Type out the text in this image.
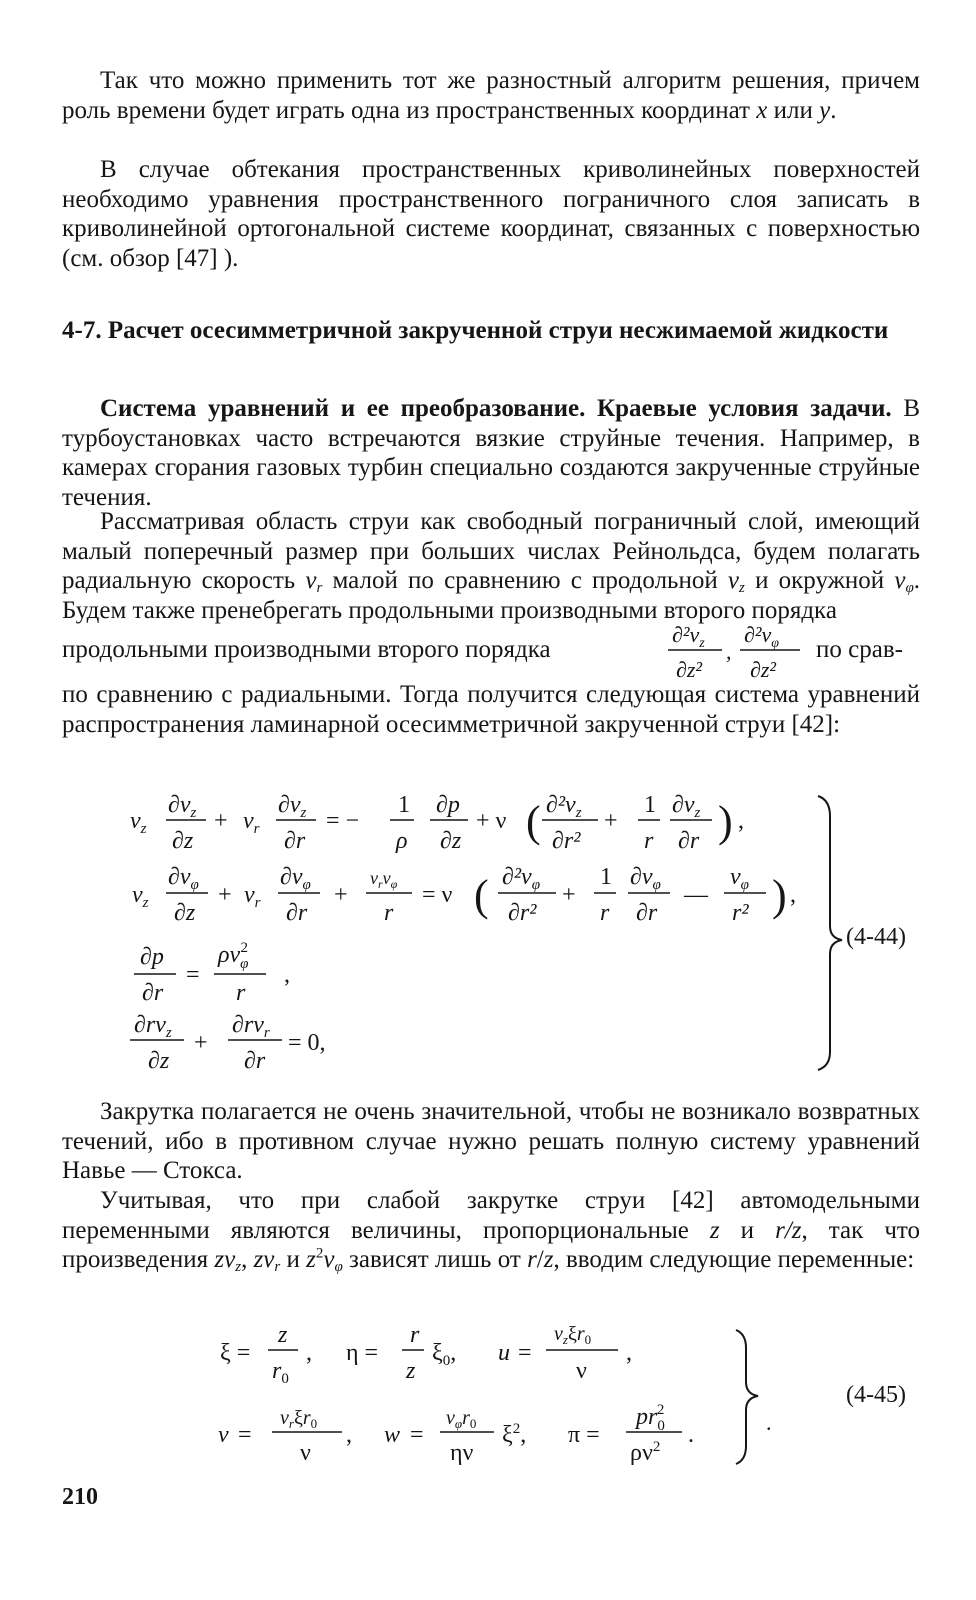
Так что можно применить тот же разностный алгоритм решения, причем роль времени будет играть одна из пространственных координат x или y.

В случае обтекания пространственных криволинейных поверхностей необходимо уравнения пространственного пограничного слоя записать в криволинейной ортогональной системе координат, связанных с поверхностью (см. обзор [47] ).

4-7. Расчет осесимметричной закрученной струи несжимаемой жидкости

Система уравнений и ее преобразование. Краевые условия задачи. В турбоустановках часто встречаются вязкие струйные течения. Например, в камерах сгорания газовых турбин специально создаются закрученные струйные течения.

Рассматривая область струи как свободный пограничный слой, имеющий малый поперечный размер при больших числах Рейнольдса, будем полагать радиальную скорость $v_r$ малой по сравнению с продольной $v_z$ и окружной $v_\varphi$. Будем также пренебрегать продольными производными второго порядка

$\partial^2v_z$
∂z²
,
$\partial^2v_\varphi$
∂z²

по сравнению с радиальными. Тогда получится следующая система уравнений распространения ламинарной осесимметричной закрученной струи [42]:

по срав-
продольными производными второго порядка
$v_z$
$\partial v_z$
∂z
+ $v_r$
$\partial v_z$
∂r
= −
1
ρ
∂p
∂z
+ ν ( $\partial^2v_z$
∂r²
+
1
r
$\partial v_z$
∂r ) ,
$v_z$
$\partial v_\varphi$
∂z
+ $v_r$
$\partial v_\varphi$
∂r
+
$v_rv_\varphi$
r
= ν ( $\partial^2v_\varphi$
∂r²
+
1
r
$\partial v_\varphi$
∂r
—
$v_\varphi$
r² ) ,
∂p
∂r
=
$\rho v_\varphi 2$
r
,
$\partial rv_z$
∂z
+
$\partial rv_r$
∂r
= 0,
(4-44)

Закрутка полагается не очень значительной, чтобы не возникало возвратных течений, ибо в противном случае нужно решать полную систему уравнений Навье — Стокса.

Учитывая, что при слабой закрутке струи [42] автомодельными переменными являются величины, пропорциональные z и r/z, так что произведения $zv_z$, $zv_r$ и $z^2v_\varphi$ зависят лишь от r/z, вводим следующие переменные:

ξ =
z
$r_0$
, η =
r
z
$\xi_0$, u =
$v_z\xi r_0$
ν
,
v =
$v_r\xi r_0$
ν
, w =
$v_\varphi r_0$
ην
$\xi^2$, π =
$pr_02$
$\rho\nu^2$ .	.
(4-45)
210
